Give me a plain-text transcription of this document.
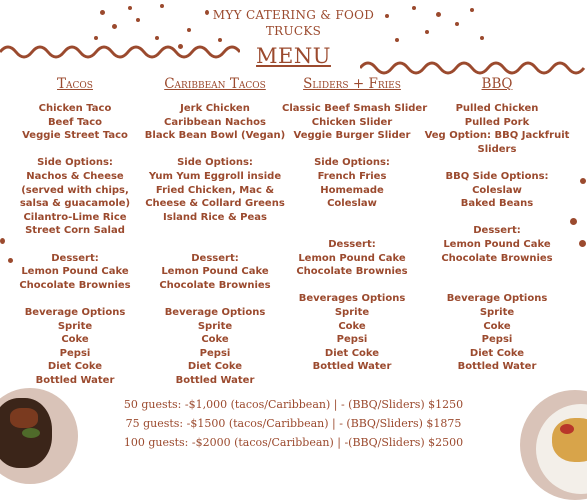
MYY CATERING & FOOD
TRUCKS
MENU
Tacos
Chicken Taco
Beef Taco
Veggie Street Taco
Side Options:
Nachos & Cheese
(served with chips,
salsa & guacamole)
Cilantro-Lime Rice
Street Corn Salad
Dessert:
Lemon Pound Cake
Chocolate Brownies
Beverage Options
Sprite
Coke
Pepsi
Diet Coke
Bottled Water
Caribbean Tacos
Jerk Chicken
Caribbean Nachos
Black Bean Bowl (Vegan)
Side Options:
Yum Yum Eggroll inside
Fried Chicken, Mac &
Cheese & Collard Greens
Island Rice & Peas
Dessert:
Lemon Pound Cake
Chocolate Brownies
Beverage Options
Sprite
Coke
Pepsi
Diet Coke
Bottled Water
Sliders + Fries
Classic Beef Smash Slider
Chicken Slider
Veggie Burger Slider
Side Options:
French Fries
Homemade
Coleslaw
Dessert:
Lemon Pound Cake
Chocolate Brownies
Beverages Options
Sprite
Coke
Pepsi
Diet Coke
Bottled Water
BBQ
Pulled Chicken
Pulled Pork
Veg Option: BBQ Jackfruit
Sliders
BBQ Side Options:
Coleslaw
Baked Beans
Dessert:
Lemon Pound Cake
Chocolate Brownies
Beverage Options
Sprite
Coke
Pepsi
Diet Coke
Bottled Water
50 guests: -$1,000 (tacos/Caribbean) | - (BBQ/Sliders) $1250
75 guests: -$1500 (tacos/Caribbean) | - (BBQ/Sliders) $1875
100 guests: -$2000 (tacos/Caribbean) | -(BBQ/Sliders) $2500
